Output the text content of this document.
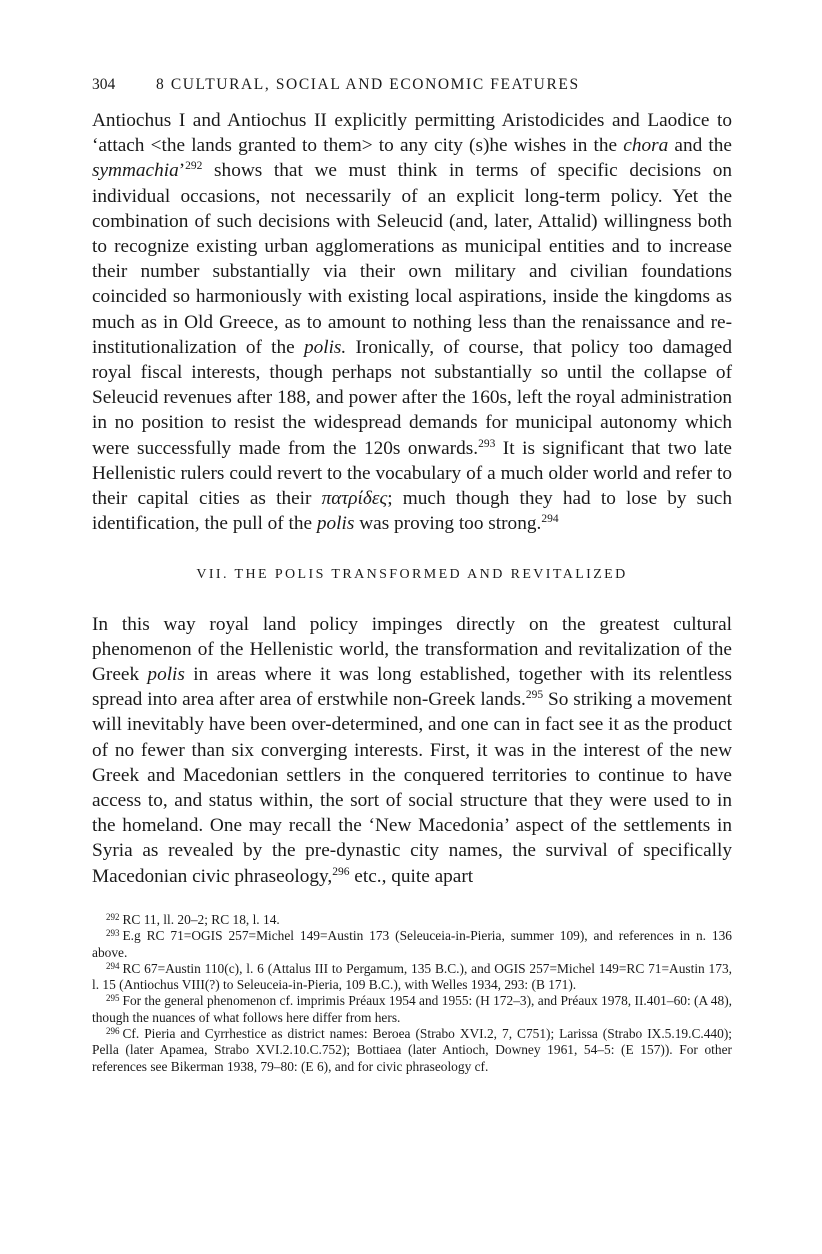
304	8 CULTURAL, SOCIAL AND ECONOMIC FEATURES

Antiochus I and Antiochus II explicitly permitting Aristodicides and Laodice to ‘attach <the lands granted to them> to any city (s)he wishes in the chora and the symmachia’$^{292}$ shows that we must think in terms of specific decisions on individual occasions, not necessarily of an explicit long-term policy. Yet the combination of such decisions with Seleucid (and, later, Attalid) willingness both to recognize existing urban agglomerations as municipal entities and to increase their number substantially via their own military and civilian foundations coincided so harmoniously with existing local aspirations, inside the kingdoms as much as in Old Greece, as to amount to nothing less than the renaissance and re-institutionalization of the polis. Ironically, of course, that policy too damaged royal fiscal interests, though perhaps not substantially so until the collapse of Seleucid revenues after 188, and power after the 160s, left the royal administration in no position to resist the widespread demands for municipal autonomy which were successfully made from the 120s onwards.$^{293}$ It is significant that two late Hellenistic rulers could revert to the vocabulary of a much older world and refer to their capital cities as their πατρίδες; much though they had to lose by such identification, the pull of the polis was proving too strong.$^{294}$

VII. THE POLIS TRANSFORMED AND REVITALIZED

In this way royal land policy impinges directly on the greatest cultural phenomenon of the Hellenistic world, the transformation and revitalization of the Greek polis in areas where it was long established, together with its relentless spread into area after area of erstwhile non-Greek lands.$^{295}$ So striking a movement will inevitably have been over-determined, and one can in fact see it as the product of no fewer than six converging interests. First, it was in the interest of the new Greek and Macedonian settlers in the conquered territories to continue to have access to, and status within, the sort of social structure that they were used to in the homeland. One may recall the ‘New Macedonia’ aspect of the settlements in Syria as revealed by the pre-dynastic city names, the survival of specifically Macedonian civic phraseology,$^{296}$ etc., quite apart

$^{292}$ RC 11, ll. 20–2; RC 18, l. 14.

$^{293}$ E.g RC 71=OGIS 257=Michel 149=Austin 173 (Seleuceia-in-Pieria, summer 109), and references in n. 136 above.

$^{294}$ RC 67=Austin 110(c), l. 6 (Attalus III to Pergamum, 135 B.C.), and OGIS 257=Michel 149=RC 71=Austin 173, l. 15 (Antiochus VIII(?) to Seleuceia-in-Pieria, 109 B.C.), with Welles 1934, 293: (B 171).

$^{295}$ For the general phenomenon cf. imprimis Préaux 1954 and 1955: (H 172–3), and Préaux 1978, II.401–60: (A 48), though the nuances of what follows here differ from hers.

$^{296}$ Cf. Pieria and Cyrrhestice as district names: Beroea (Strabo XVI.2, 7, C751); Larissa (Strabo IX.5.19.C.440); Pella (later Apamea, Strabo XVI.2.10.C.752); Bottiaea (later Antioch, Downey 1961, 54–5: (E 157)). For other references see Bikerman 1938, 79–80: (E 6), and for civic phraseology cf.
